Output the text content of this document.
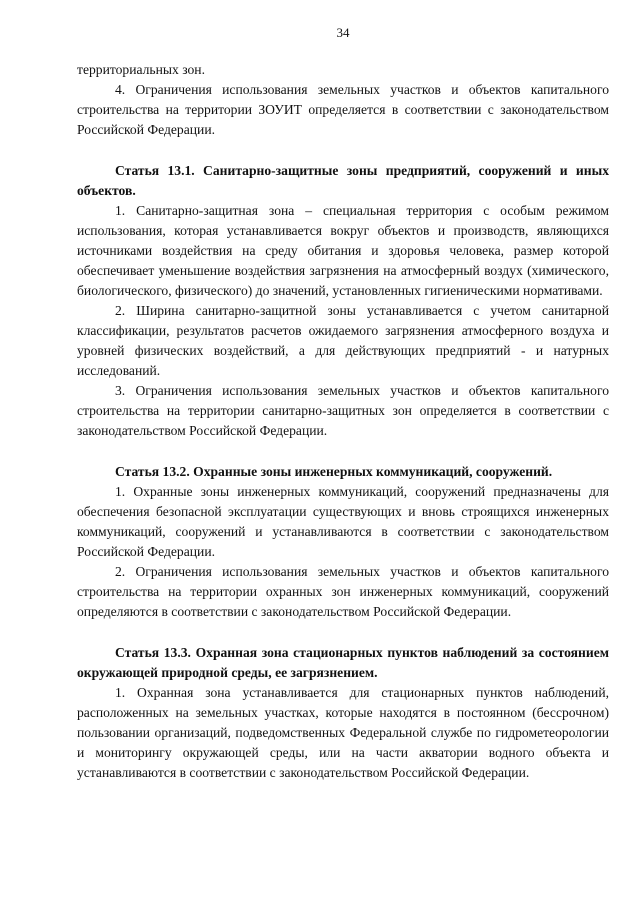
34

территориальных зон.

4. Ограничения использования земельных участков и объектов капитального строительства на территории ЗОУИТ определяется в соответствии с законодательством Российской Федерации.

Статья 13.1. Санитарно-защитные зоны предприятий, сооружений и иных объектов.

1. Санитарно-защитная зона – специальная территория с особым режимом использования, которая устанавливается вокруг объектов и производств, являющихся источниками воздействия на среду обитания и здоровья человека, размер которой обеспечивает уменьшение воздействия загрязнения на атмосферный воздух (химического, биологического, физического) до значений, установленных гигиеническими нормативами.

2. Ширина санитарно-защитной зоны устанавливается с учетом санитарной классификации, результатов расчетов ожидаемого загрязнения атмосферного воздуха и уровней физических воздействий, а для действующих предприятий - и натурных исследований.

3. Ограничения использования земельных участков и объектов капитального строительства на территории санитарно-защитных зон определяется в соответствии с законодательством Российской Федерации.

Статья 13.2. Охранные зоны инженерных коммуникаций, сооружений.

1. Охранные зоны инженерных коммуникаций, сооружений предназначены для обеспечения безопасной эксплуатации существующих и вновь строящихся инженерных коммуникаций, сооружений и устанавливаются в соответствии с законодательством Российской Федерации.

2. Ограничения использования земельных участков и объектов капитального строительства на территории охранных зон инженерных коммуникаций, сооружений определяются в соответствии с законодательством Российской Федерации.

Статья 13.3. Охранная зона стационарных пунктов наблюдений за состоянием окружающей природной среды, ее загрязнением.

1. Охранная зона устанавливается для стационарных пунктов наблюдений, расположенных на земельных участках, которые находятся в постоянном (бессрочном) пользовании организаций, подведомственных Федеральной службе по гидрометеорологии и мониторингу окружающей среды, или на части акватории водного объекта и устанавливаются в соответствии с законодательством Российской Федерации.
